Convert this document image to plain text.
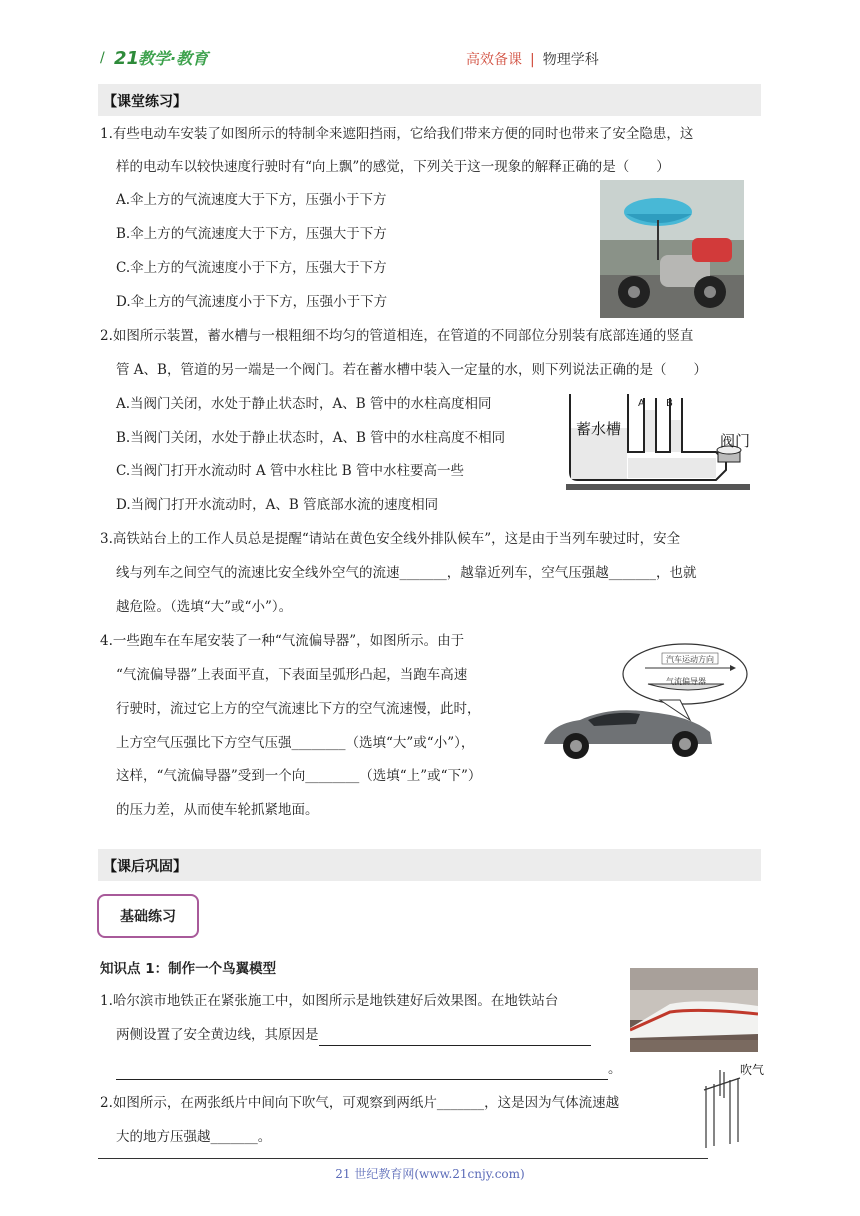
/ 21
教学·教育	高效备课 | 物理学科
【课堂练习】
1.有些电动车安装了如图所示的特制伞来遮阳挡雨，它给我们带来方便的同时也带来了安全隐患，这
样的电动车以较快速度行驶时有“向上飘”的感觉，下列关于这一现象的解释正确的是（　　）
A.伞上方的气流速度大于下方，压强小于下方
B.伞上方的气流速度大于下方，压强大于下方
C.伞上方的气流速度小于下方，压强大于下方
D.伞上方的气流速度小于下方，压强小于下方
2.如图所示装置，蓄水槽与一根粗细不均匀的管道相连，在管道的不同部位分别装有底部连通的竖直
管 A、B，管道的另一端是一个阀门。若在蓄水槽中装入一定量的水，则下列说法正确的是（　　）
A.当阀门关闭，水处于静止状态时，A、B 管中的水柱高度相同
B.当阀门关闭，水处于静止状态时，A、B 管中的水柱高度不相同
C.当阀门打开水流动时 A 管中水柱比 B 管中水柱要高一些
D.当阀门打开水流动时，A、B 管底部水流的速度相同
A B
蓄水槽
阀门
3.高铁站台上的工作人员总是提醒“请站在黄色安全线外排队候车”，这是由于当列车驶过时，安全
线与列车之间空气的流速比安全线外空气的流速_______，越靠近列车，空气压强越_______，也就
越危险。（选填“大”或“小”）。
4.一些跑车在车尾安装了一种“气流偏导器”，如图所示。由于
“气流偏导器”上表面平直，下表面呈弧形凸起，当跑车高速
行驶时，流过它上方的空气流速比下方的空气流速慢，此时，
上方空气压强比下方空气压强________（选填“大”或“小”），
这样，“气流偏导器”受到一个向________（选填“上”或“下”）
的压力差，从而使车轮抓紧地面。
汽车运动方向
气流偏导器
【课后巩固】
基础练习
知识点 1：制作一个鸟翼模型
1.哈尔滨市地铁正在紧张施工中，如图所示是地铁建好后效果图。在地铁站台
两侧设置了安全黄边线，其原因是
。
2.如图所示，在两张纸片中间向下吹气，可观察到两纸片_______，这是因为气体流速越
大的地方压强越_______。
吹气
21 世纪教育网(www.21cnjy.com)
